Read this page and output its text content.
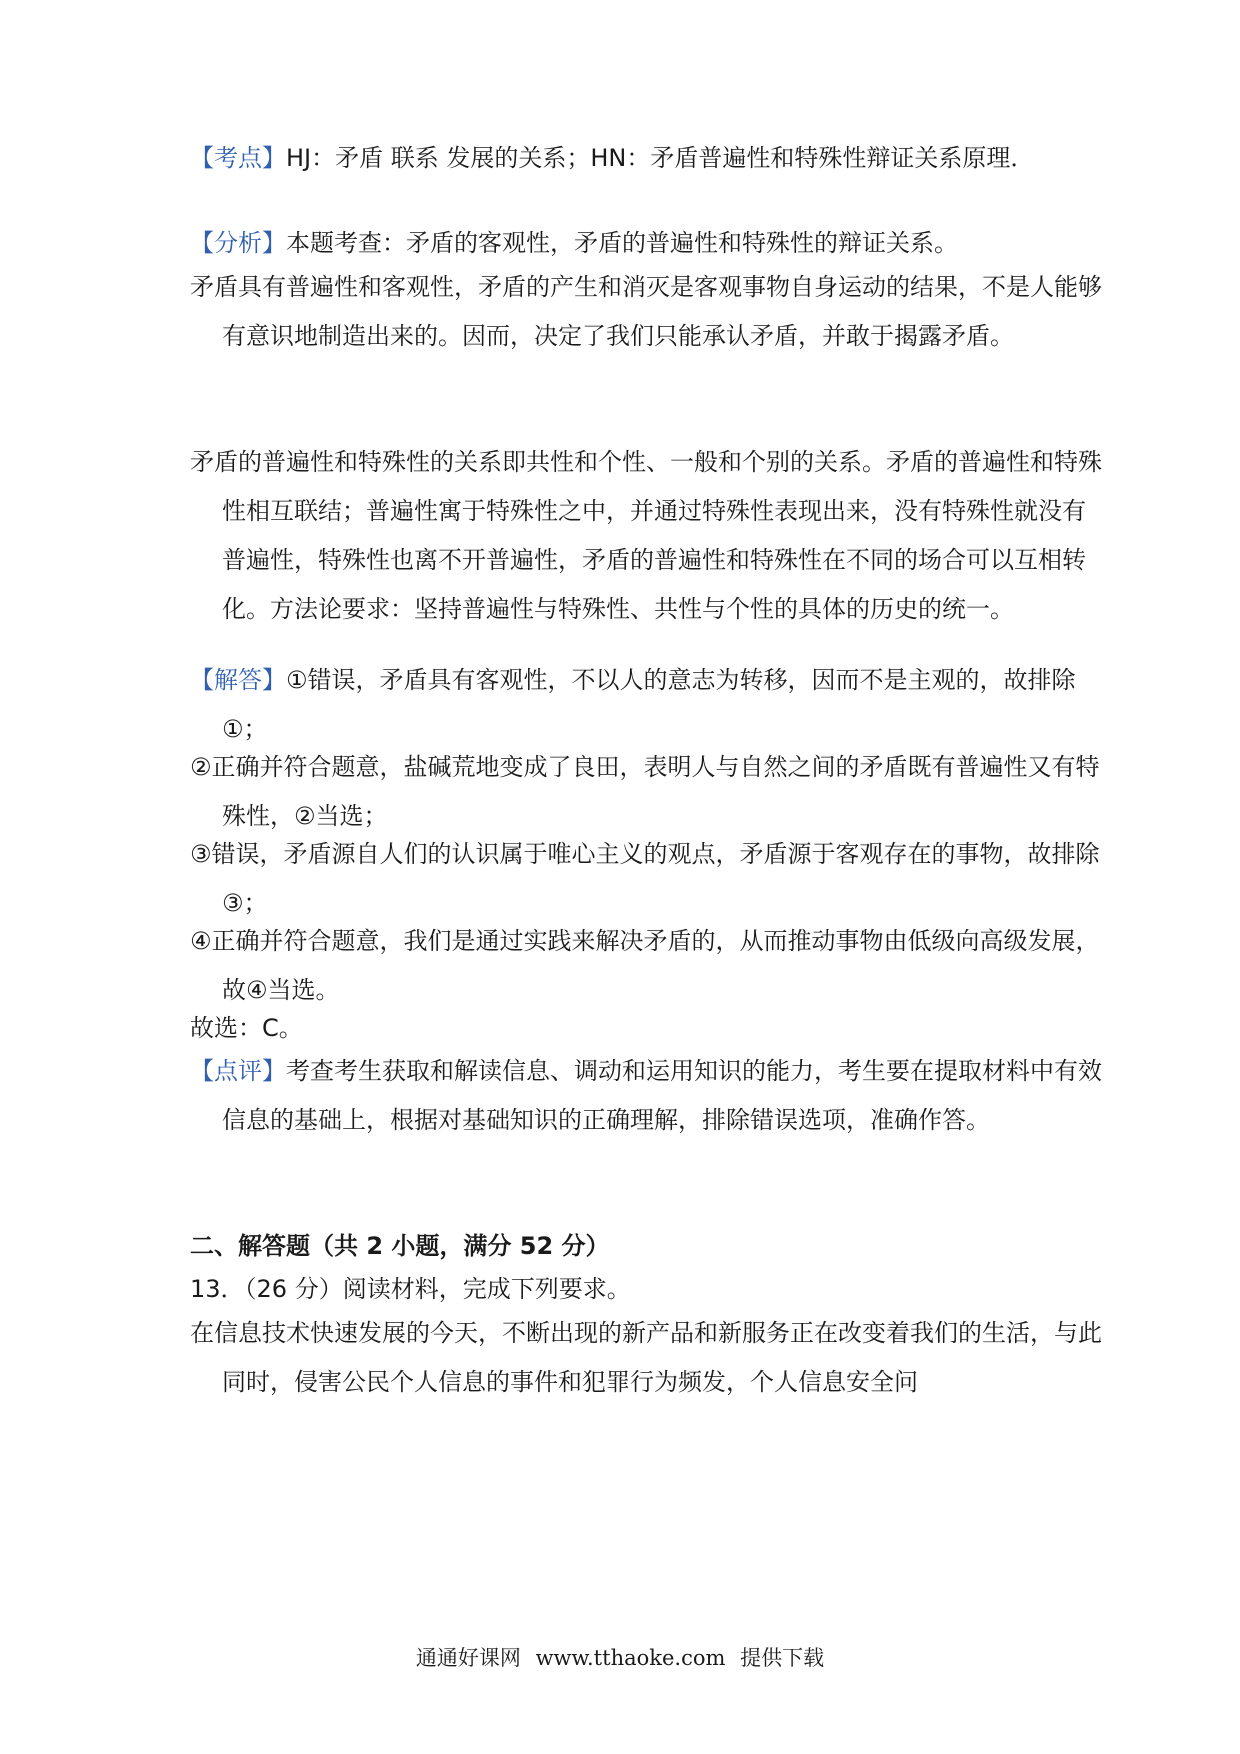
【考点】HJ：矛盾 联系 发展的关系；HN：矛盾普遍性和特殊性辩证关系原理．

【分析】本题考查：矛盾的客观性，矛盾的普遍性和特殊性的辩证关系。

矛盾具有普遍性和客观性，矛盾的产生和消灭是客观事物自身运动的结果，不是人能够有意识地制造出来的。因而，决定了我们只能承认矛盾，并敢于揭露矛盾。

矛盾的普遍性和特殊性的关系即共性和个性、一般和个别的关系。矛盾的普遍性和特殊性相互联结；普遍性寓于特殊性之中，并通过特殊性表现出来，没有特殊性就没有普遍性，特殊性也离不开普遍性，矛盾的普遍性和特殊性在不同的场合可以互相转化。方法论要求：坚持普遍性与特殊性、共性与个性的具体的历史的统一。

【解答】①错误，矛盾具有客观性，不以人的意志为转移，因而不是主观的，故排除①；

②正确并符合题意，盐碱荒地变成了良田，表明人与自然之间的矛盾既有普遍性又有特殊性，②当选；

③错误，矛盾源自人们的认识属于唯心主义的观点，矛盾源于客观存在的事物，故排除③；

④正确并符合题意，我们是通过实践来解决矛盾的，从而推动事物由低级向高级发展，故④当选。

故选：C。

【点评】考查考生获取和解读信息、调动和运用知识的能力，考生要在提取材料中有效信息的基础上，根据对基础知识的正确理解，排除错误选项，准确作答。

二、解答题（共 2 小题，满分 52 分）

13．（26 分）阅读材料，完成下列要求。

在信息技术快速发展的今天，不断出现的新产品和新服务正在改变着我们的生活，与此同时，侵害公民个人信息的事件和犯罪行为频发，个人信息安全问

通通好课网 www.tthaoke.com 提供下载
